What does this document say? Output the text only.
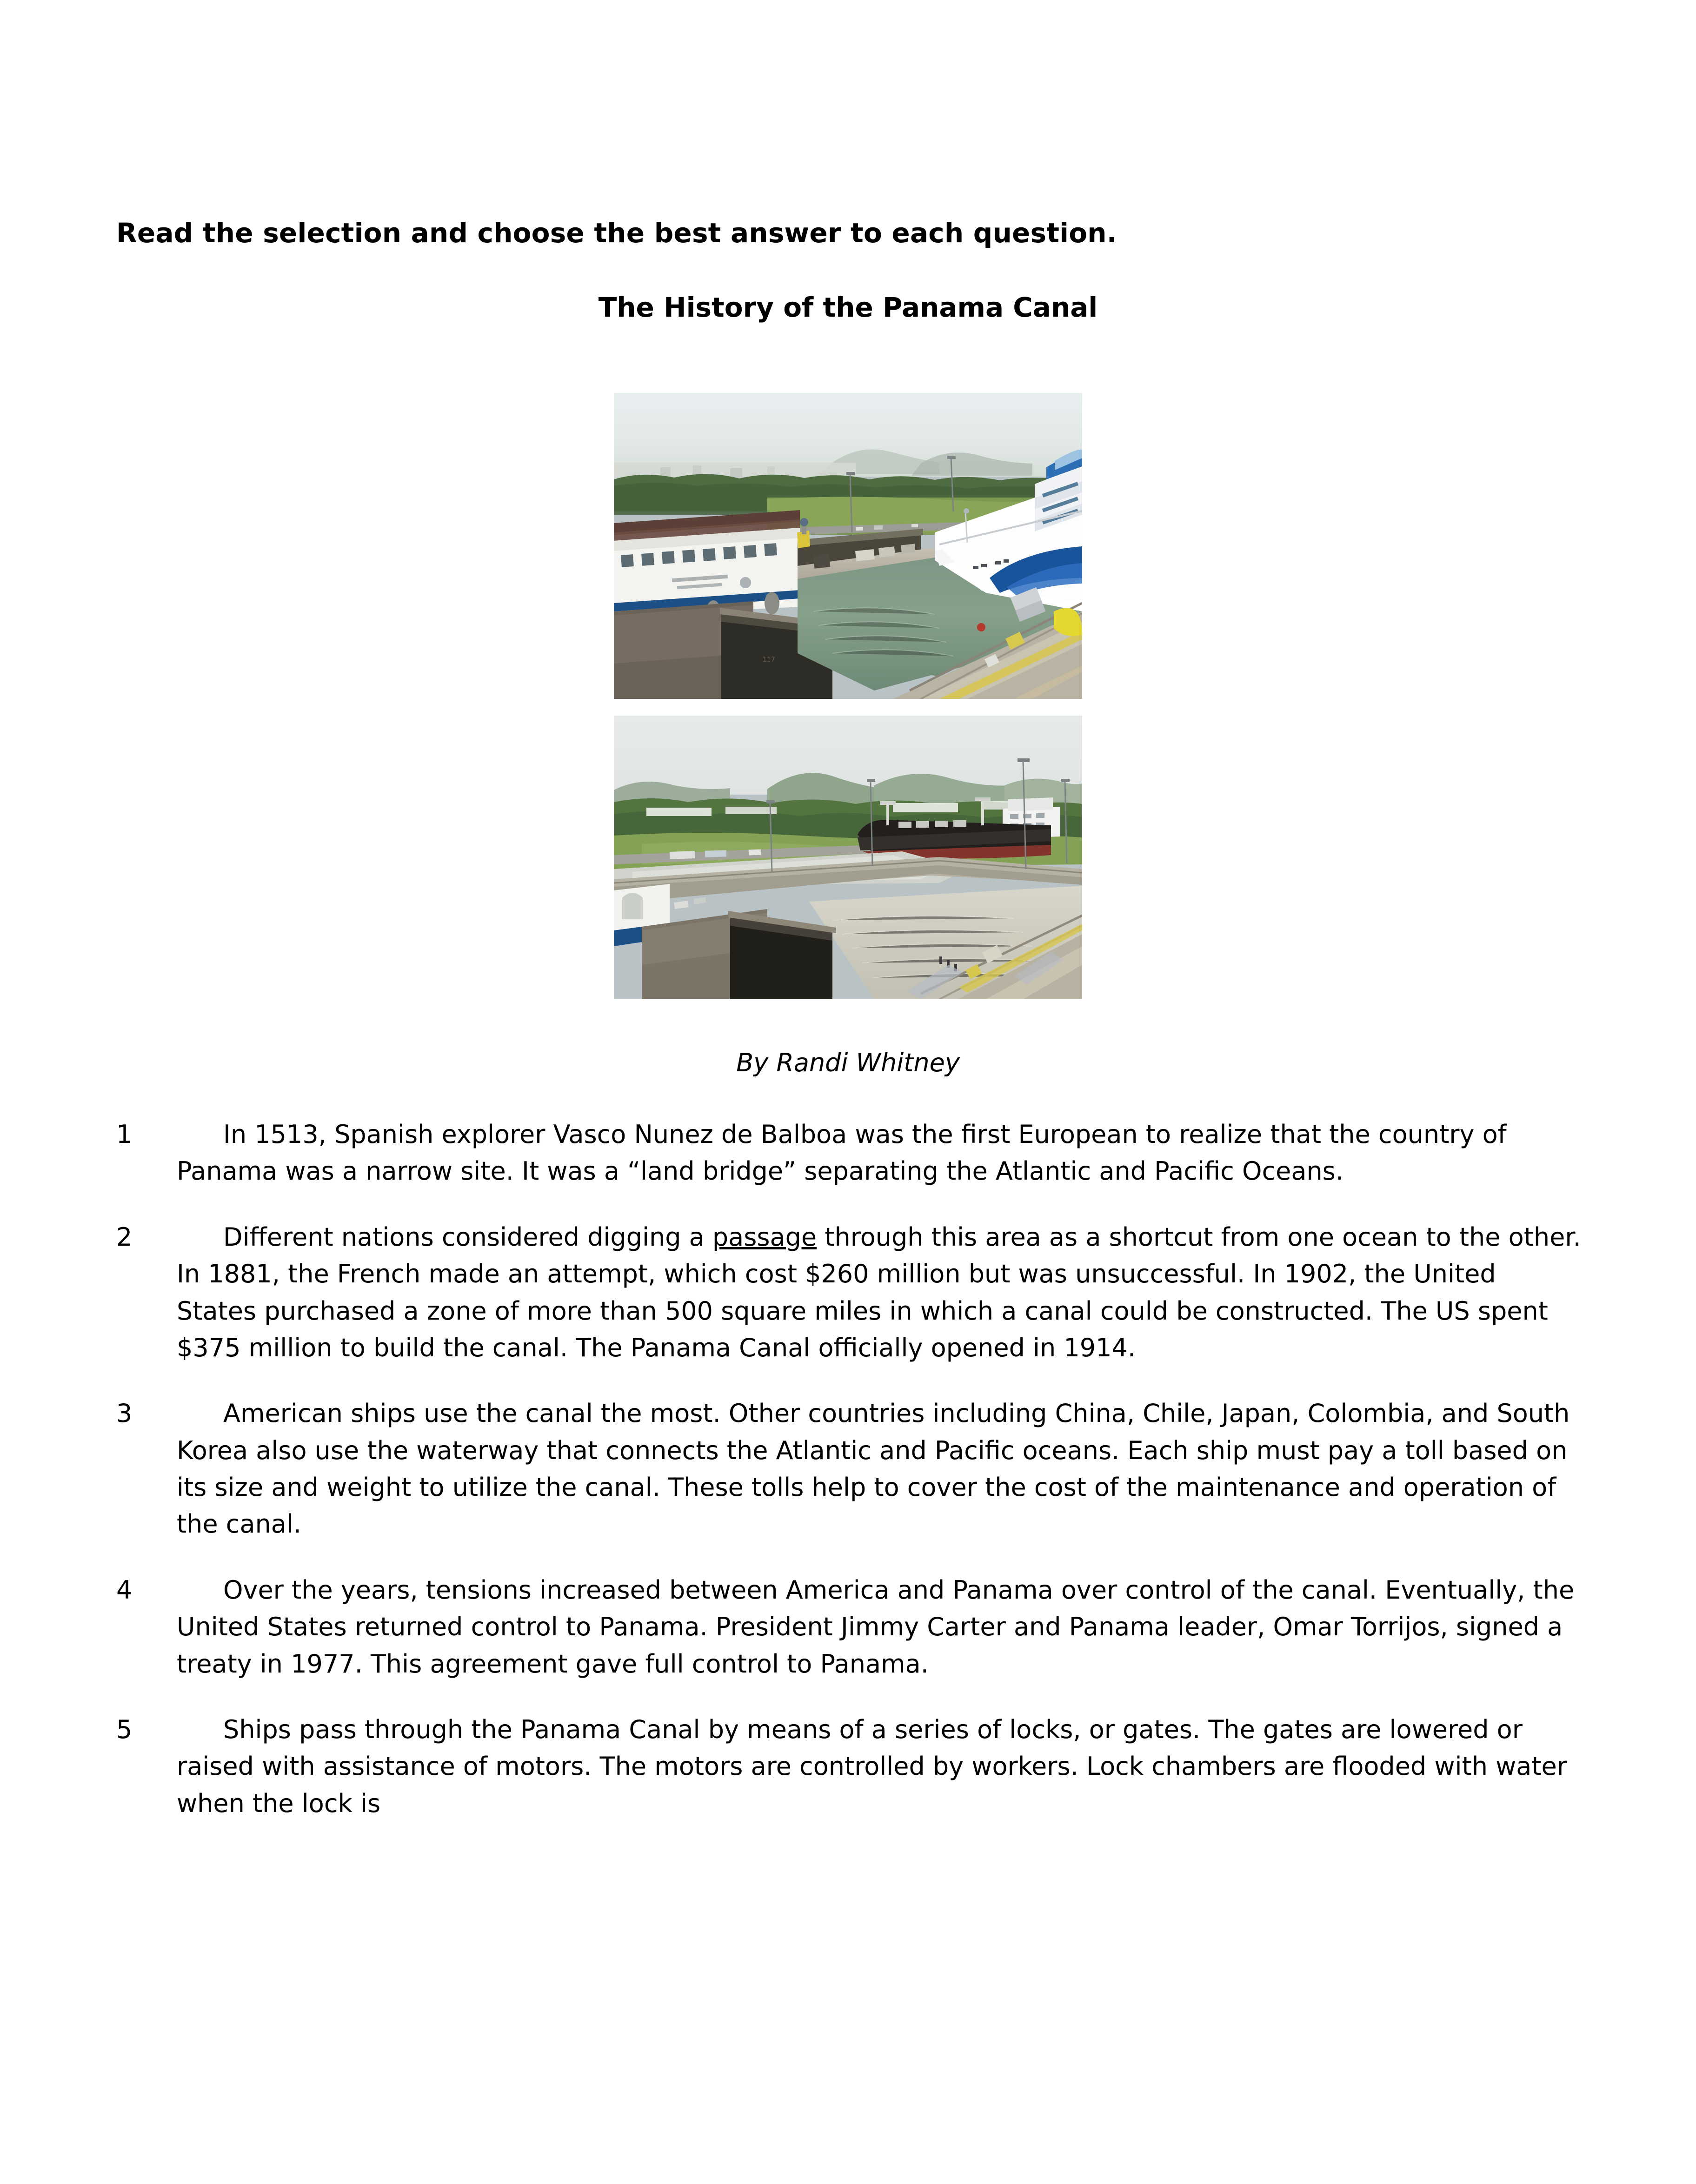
Read the selection and choose the best answer to each question.
The History of the Panama Canal
117
By Randi Whitney
1	In 1513, Spanish explorer Vasco Nunez de Balboa was the first European to realize that the country of Panama was a narrow site. It was a “land bridge” separating the Atlantic and Pacific Oceans.
2	Different nations considered digging a passage through this area as a shortcut from one ocean to the other. In 1881, the French made an attempt, which cost $260 million but was unsuccessful. In 1902, the United States purchased a zone of more than 500 square miles in which a canal could be constructed. The US spent $375 million to build the canal. The Panama Canal officially opened in 1914.
3	American ships use the canal the most. Other countries including China, Chile, Japan, Colombia, and South Korea also use the waterway that connects the Atlantic and Pacific oceans. Each ship must pay a toll based on its size and weight to utilize the canal. These tolls help to cover the cost of the maintenance and operation of the canal.
4	Over the years, tensions increased between America and Panama over control of the canal. Eventually, the United States returned control to Panama. President Jimmy Carter and Panama leader, Omar Torrijos, signed a treaty in 1977. This agreement gave full control to Panama.
5	Ships pass through the Panama Canal by means of a series of locks, or gates. The gates are lowered or raised with assistance of motors. The motors are controlled by workers. Lock chambers are flooded with water when the lock is
